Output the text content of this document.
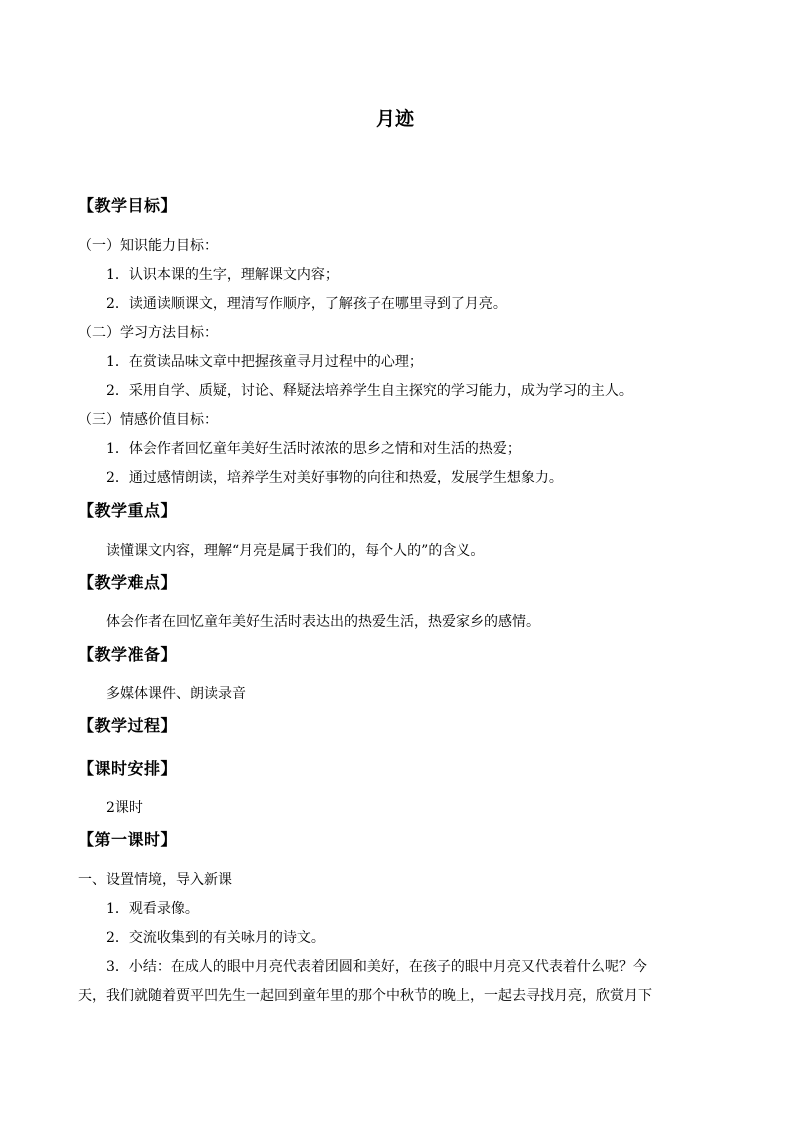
月迹
【教学目标】
（一）知识能力目标：
1．认识本课的生字，理解课文内容；
2．读通读顺课文，理清写作顺序，了解孩子在哪里寻到了月亮。
（二）学习方法目标：
1．在赏读品味文章中把握孩童寻月过程中的心理；
2．采用自学、质疑，讨论、释疑法培养学生自主探究的学习能力，成为学习的主人。
（三）情感价值目标：
1．体会作者回忆童年美好生活时浓浓的思乡之情和对生活的热爱；
2．通过感情朗读，培养学生对美好事物的向往和热爱，发展学生想象力。
【教学重点】
读懂课文内容，理解“月亮是属于我们的，每个人的”的含义。
【教学难点】
体会作者在回忆童年美好生活时表达出的热爱生活，热爱家乡的感情。
【教学准备】
多媒体课件、朗读录音
【教学过程】
【课时安排】
2课时
【第一课时】
一、设置情境，导入新课
1．观看录像。
2．交流收集到的有关咏月的诗文。
3．小结：在成人的眼中月亮代表着团圆和美好，在孩子的眼中月亮又代表着什么呢？今
天，我们就随着贾平凹先生一起回到童年里的那个中秋节的晚上，一起去寻找月亮，欣赏月下
